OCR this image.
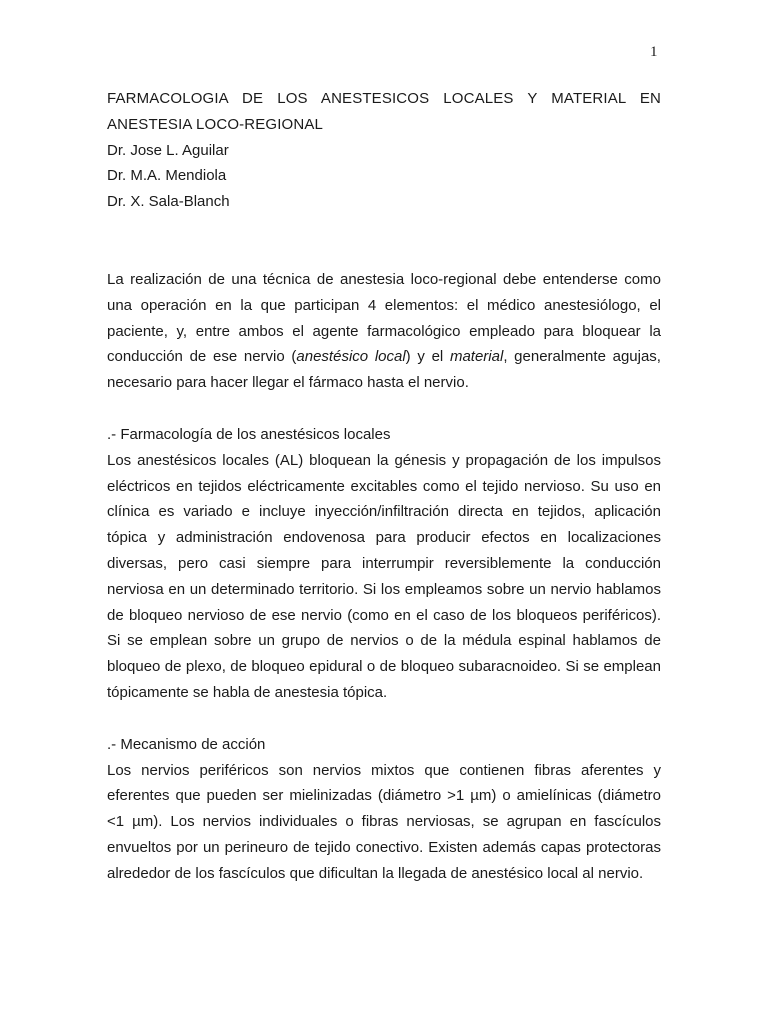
1
FARMACOLOGIA DE LOS ANESTESICOS LOCALES Y MATERIAL EN ANESTESIA LOCO-REGIONAL

Dr. Jose L. Aguilar

Dr. M.A. Mendiola

Dr. X. Sala-Blanch

La realización de una técnica de anestesia loco-regional debe entenderse como una operación en la que participan 4 elementos: el médico anestesiólogo, el paciente, y, entre ambos el agente farmacológico empleado para bloquear la conducción de ese nervio (anestésico local) y el material, generalmente agujas, necesario para hacer llegar el fármaco hasta el nervio.

.- Farmacología de los anestésicos locales

Los anestésicos locales (AL) bloquean la génesis y propagación de los impulsos eléctricos en tejidos eléctricamente excitables como el tejido nervioso. Su uso en clínica es variado e incluye inyección/infiltración directa en tejidos, aplicación tópica y administración endovenosa para producir efectos en localizaciones diversas, pero casi siempre para interrumpir reversiblemente la conducción nerviosa en un determinado territorio. Si los empleamos sobre un nervio hablamos de bloqueo nervioso de ese nervio (como en el caso de los bloqueos periféricos). Si se emplean sobre un grupo de nervios o de la médula espinal hablamos de bloqueo de plexo, de bloqueo epidural o de bloqueo subaracnoideo. Si se emplean tópicamente se habla de anestesia tópica.

.- Mecanismo de acción

Los nervios periféricos son nervios mixtos que contienen fibras aferentes y eferentes que pueden ser mielinizadas (diámetro >1 µm) o amielínicas (diámetro <1 µm). Los nervios individuales o fibras nerviosas, se agrupan en fascículos envueltos por un perineuro de tejido conectivo. Existen además capas protectoras alrededor de los fascículos que dificultan la llegada de anestésico local al nervio.
